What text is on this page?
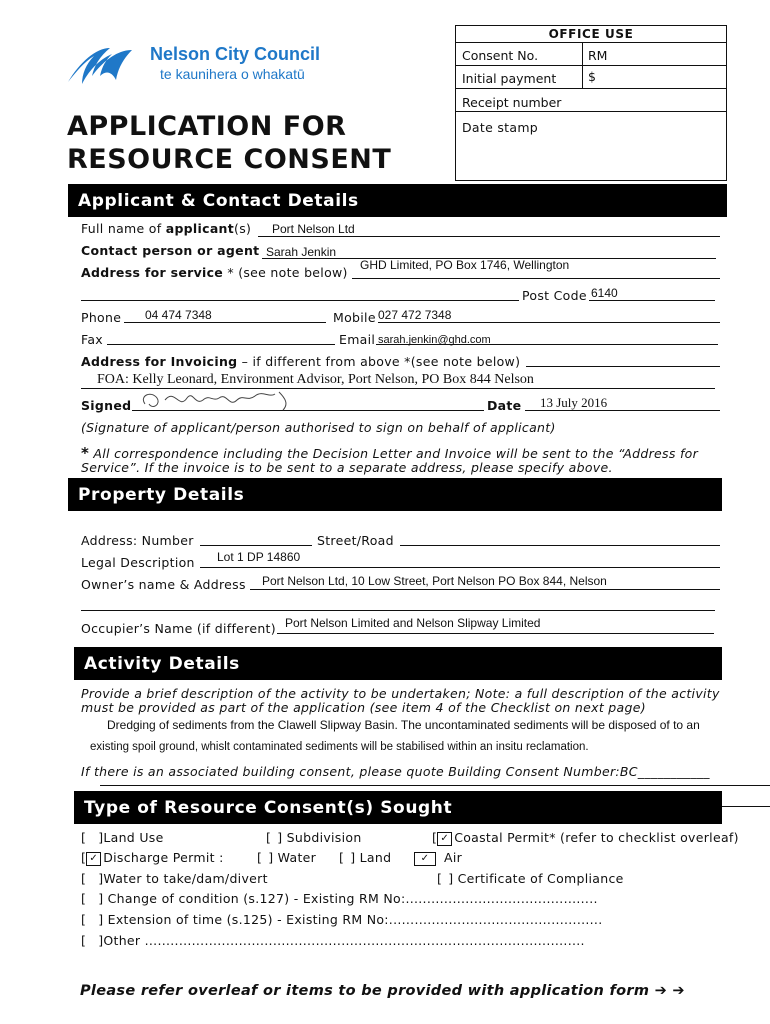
Nelson City Council
te kaunihera o whakatū
APPLICATION FOR
RESOURCE CONSENT
OFFICE USE
Consent No.	RM
Initial payment	$
Receipt number
Date stamp
Applicant & Contact Details
Full name of applicant(s) Port Nelson Ltd
Contact person or agent Sarah Jenkin
Address for service * (see note below) GHD Limited, PO Box 1746, Wellington
Post Code 6140
Phone 04 474 7348	Mobile 027 472 7348
Fax	Email sarah.jenkin@ghd.com
Address for Invoicing – if different from above *(see note below)
FOA: Kelly Leonard, Environment Advisor, Port Nelson, PO Box 844 Nelson
Signed	Date 13 July 2016
(Signature of applicant/person authorised to sign on behalf of applicant)
* All correspondence including the Decision Letter and Invoice will be sent to the “Address for
Service”. If the invoice is to be sent to a separate address, please specify above.
Property Details
Address: Number	Street/Road
Legal Description Lot 1 DP 14860
Owner’s name & Address Port Nelson Ltd, 10 Low Street, Port Nelson PO Box 844, Nelson
Occupier’s Name (if different) Port Nelson Limited and Nelson Slipway Limited
Activity Details
Provide a brief description of the activity to be undertaken; Note: a full description of the activity
must be provided as part of the application (see item 4 of the Checklist on next page)
Dredging of sediments from the Clawell Slipway Basin. The uncontaminated sediments will be disposed of to an
existing spoil ground, whislt contaminated sediments will be stabilised within an insitu reclamation.
If there is an associated building consent, please quote Building Consent Number:BC___________
Type of Resource Consent(s) Sought
[ ]Land Use	[ ] Subdivision	[ ✓ Coastal Permit* (refer to checklist overleaf)
[ ✓ Discharge Permit :	[ ] Water [ ] Land	✓ Air
[ ]Water to take/dam/divert	[ ] Certificate of Compliance
[ ] Change of condition (s.127) - Existing RM No:.............................................
[ ] Extension of time (s.125) - Existing RM No:..................................................
[ ]Other .......................................................................................................
Please refer overleaf or items to be provided with application form ➔ ➔
